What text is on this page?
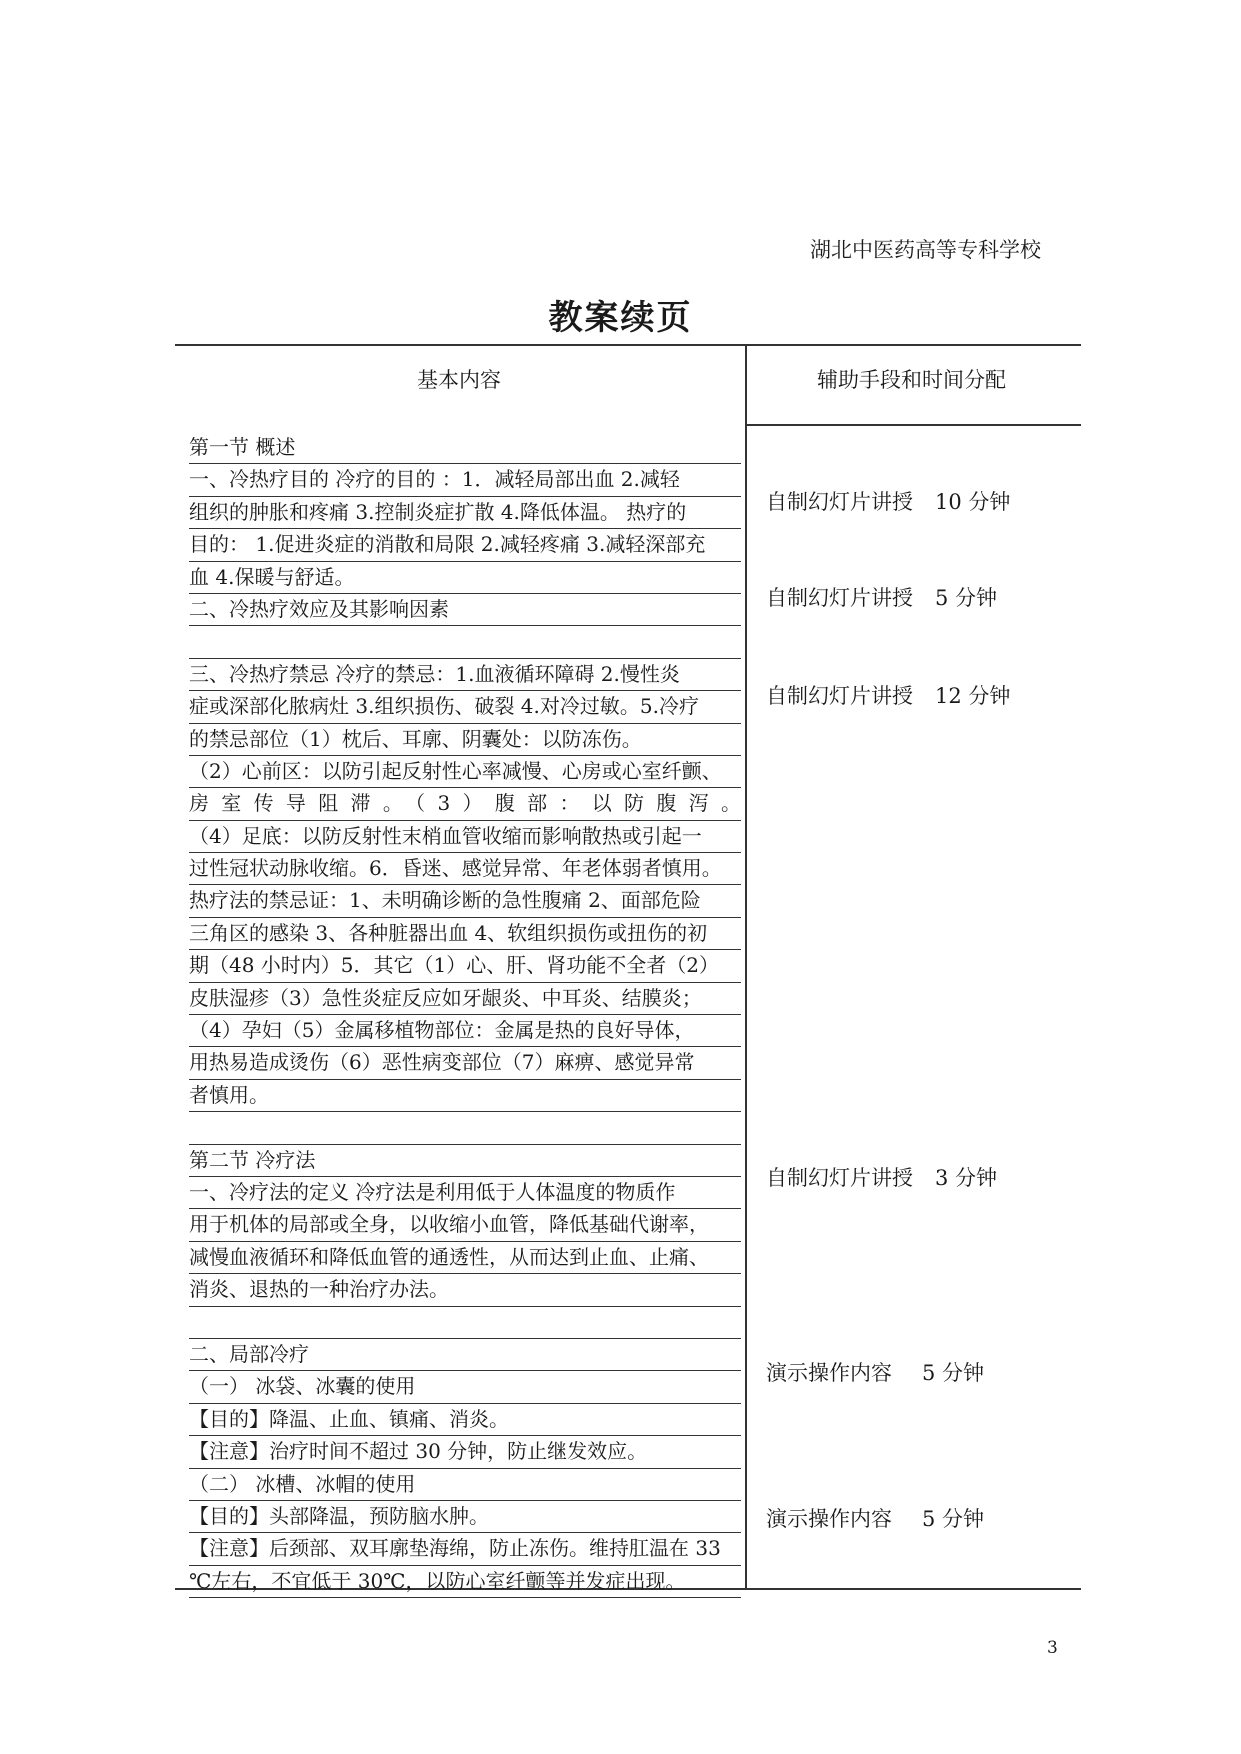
湖北中医药高等专科学校
教案续页
基本内容	辅助手段和时间分配
第一节 概述
一、冷热疗目的 冷疗的目的 ：1．减轻局部出血 2.减轻
组织的肿胀和疼痛 3.控制炎症扩散 4.降低体温。 热疗的
目的： 1.促进炎症的消散和局限 2.减轻疼痛 3.减轻深部充
血 4.保暖与舒适。
二、冷热疗效应及其影响因素
三、冷热疗禁忌 冷疗的禁忌：1.血液循环障碍 2.慢性炎
症或深部化脓病灶 3.组织损伤、破裂 4.对冷过敏。5.冷疗
的禁忌部位（1）枕后、耳廓、阴囊处：以防冻伤。
（2）心前区：以防引起反射性心率减慢、心房或心室纤颤、
房室传导阻滞。（3）腹部：以防腹泻。
（4）足底：以防反射性末梢血管收缩而影响散热或引起一
过性冠状动脉收缩。6．昏迷、感觉异常、年老体弱者慎用。
热疗法的禁忌证：1、未明确诊断的急性腹痛 2、面部危险
三角区的感染 3、各种脏器出血 4、软组织损伤或扭伤的初
期（48 小时内）5．其它（1）心、肝、肾功能不全者（2）
皮肤湿疹（3）急性炎症反应如牙龈炎、中耳炎、结膜炎；
（4）孕妇（5）金属移植物部位：金属是热的良好导体，
用热易造成烫伤（6）恶性病变部位（7）麻痹、感觉异常
者慎用。
第二节 冷疗法
一、冷疗法的定义 冷疗法是利用低于人体温度的物质作
用于机体的局部或全身，以收缩小血管，降低基础代谢率，
减慢血液循环和降低血管的通透性，从而达到止血、止痛、
消炎、退热的一种治疗办法。
二、局部冷疗
（一） 冰袋、冰囊的使用
【目的】降温、止血、镇痛、消炎。
【注意】治疗时间不超过 30 分钟，防止继发效应。
（二） 冰槽、冰帽的使用
【目的】头部降温，预防脑水肿。
【注意】后颈部、双耳廓垫海绵，防止冻伤。维持肛温在 33
℃左右，不宜低于 30℃，以防心室纤颤等并发症出现。
自制幻灯片讲授 10 分钟
自制幻灯片讲授 5 分钟
自制幻灯片讲授 12 分钟
自制幻灯片讲授 3 分钟
演示操作内容 5 分钟
演示操作内容 5 分钟
3
